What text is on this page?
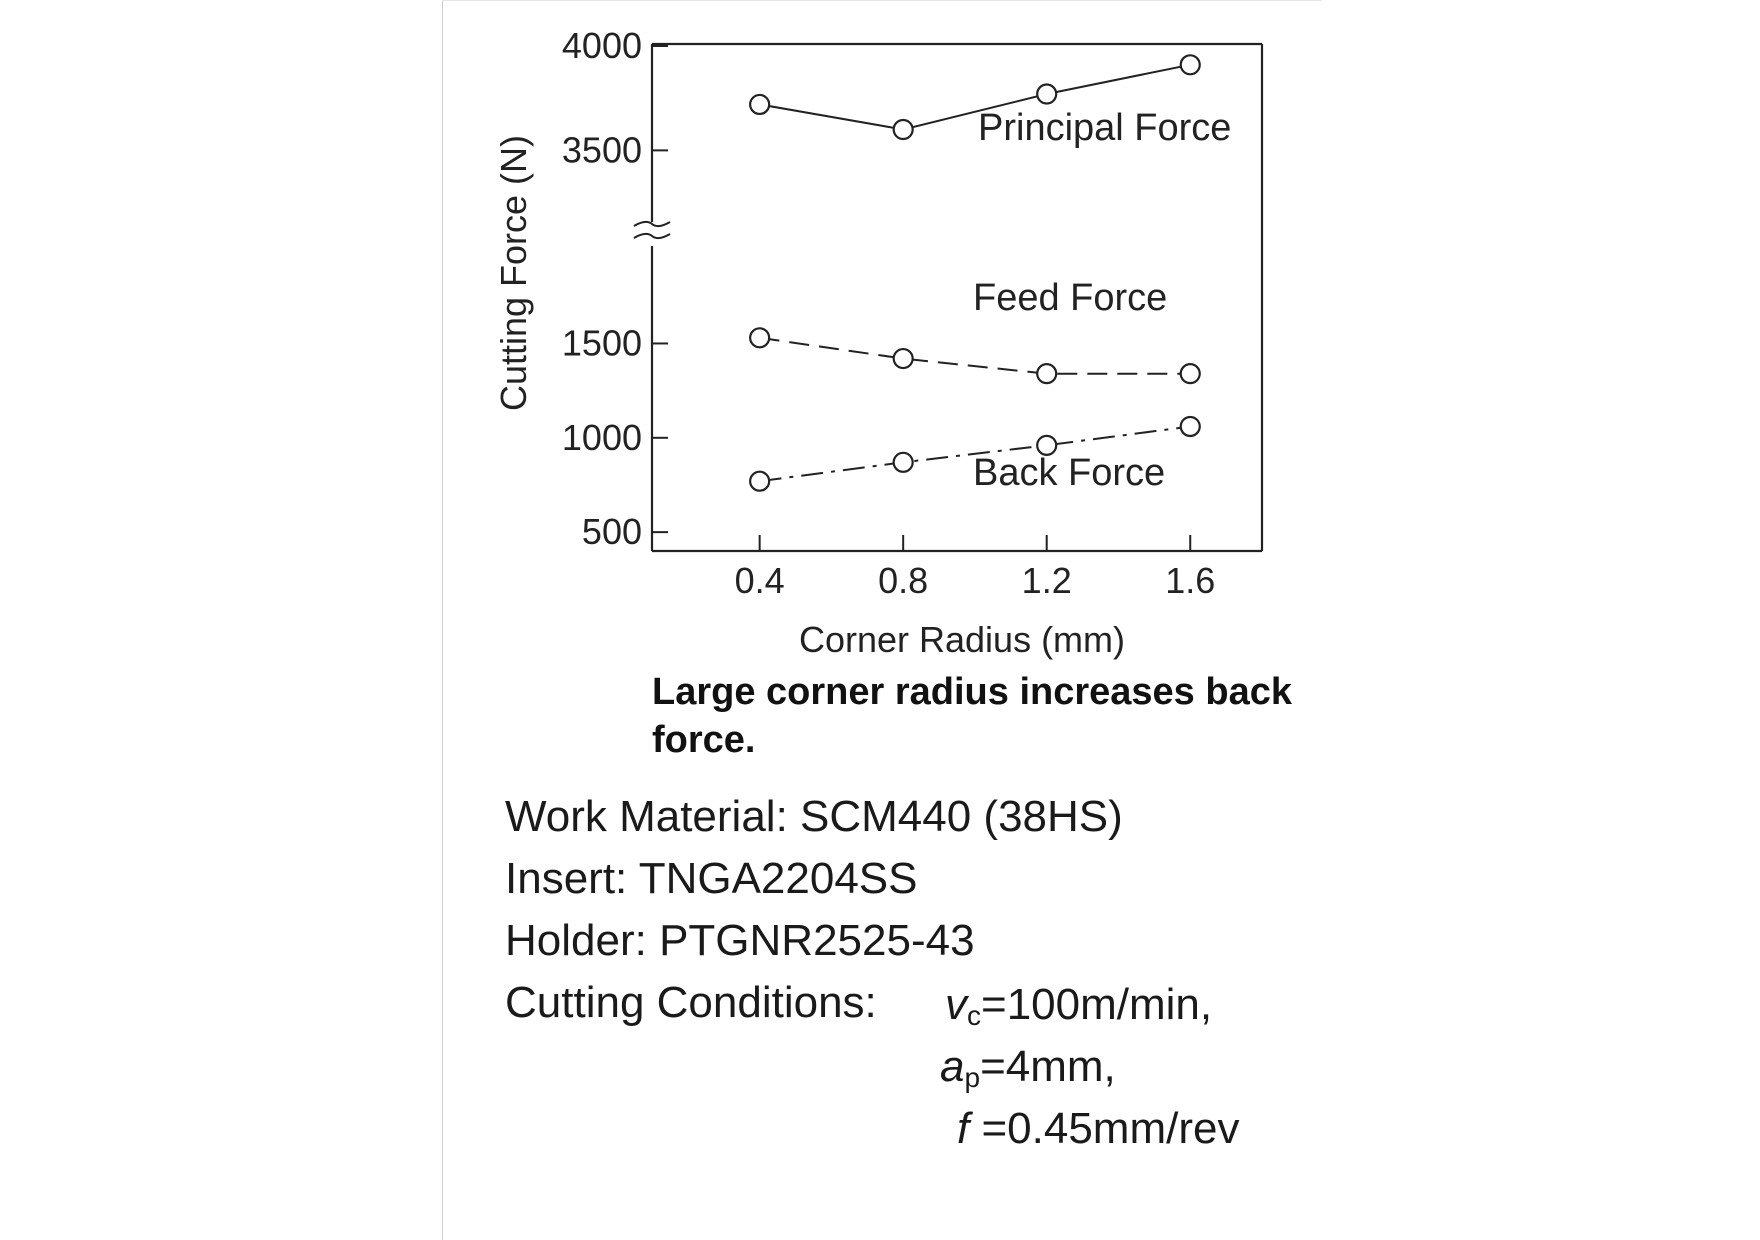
4000
3500
1500
1000
500
0.4	0.8	1.2	1.6
Corner Radius (mm)
Cutting Force (N)
Principal Force
Feed Force
Back Force
Large corner radius increases back force.
Work Material: SCM440 (38HS)
Insert: TNGA2204SS
Holder: PTGNR2525-43
Cutting Conditions:	$v_c=100m/\min$,
$a_p=4mm$,
f =0.45mm/rev
